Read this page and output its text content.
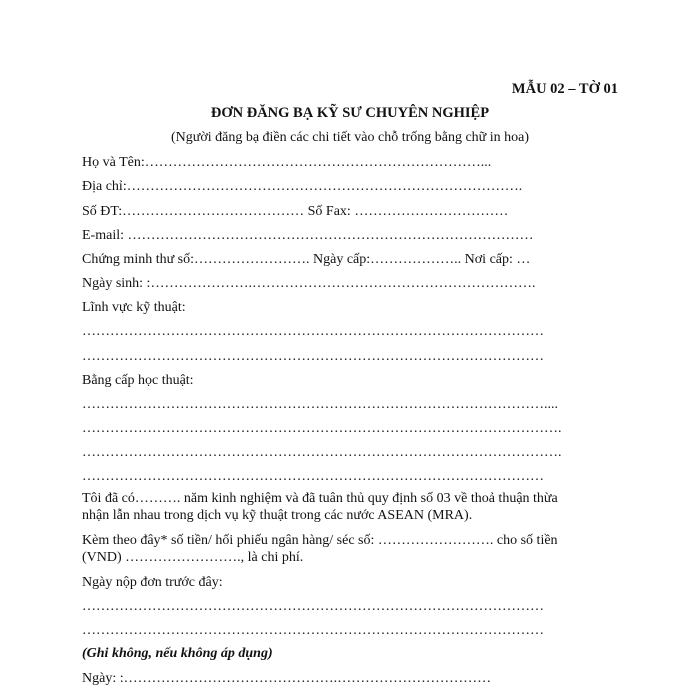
MẪU 02 – TỜ 01
ĐƠN ĐĂNG BẠ KỸ SƯ CHUYÊN NGHIỆP
(Người đăng bạ điền các chi tiết vào chỗ trống bằng chữ in hoa)
Họ và Tên:………………………………………………………………...
Địa chỉ:………………………………………………………………………….
Số ĐT:………………………………… Số Fax: ……………………………
E-mail: ……………………………………………………………………………
Chứng minh thư số:……………………. Ngày cấp:……………….. Nơi cấp: …
Ngày sinh: :………………….…………………………………………………….
Lĩnh vực kỹ thuật:
………………………………………………………………………………………
………………………………………………………………………………………
Bằng cấp học thuật:
………………………………………………………………………………………....
………………………………………………………………………………………….
………………………………………………………………………………………….
………………………………………………………………………………………
Tôi đã có………. năm kinh nghiệm và đã tuân thủ quy định số 03 về thoả thuận thừa
nhận lẫn nhau trong dịch vụ kỹ thuật trong các nước ASEAN (MRA).
Kèm theo đây* số tiền/ hối phiếu ngân hàng/ séc số: ……………………. cho số tiền
(VND) ……………………., là chi phí.
Ngày nộp đơn trước đây:
………………………………………………………………………………………
………………………………………………………………………………………
(Ghi không, nếu không áp dụng)
Ngày: :……………………………………….……………………………
